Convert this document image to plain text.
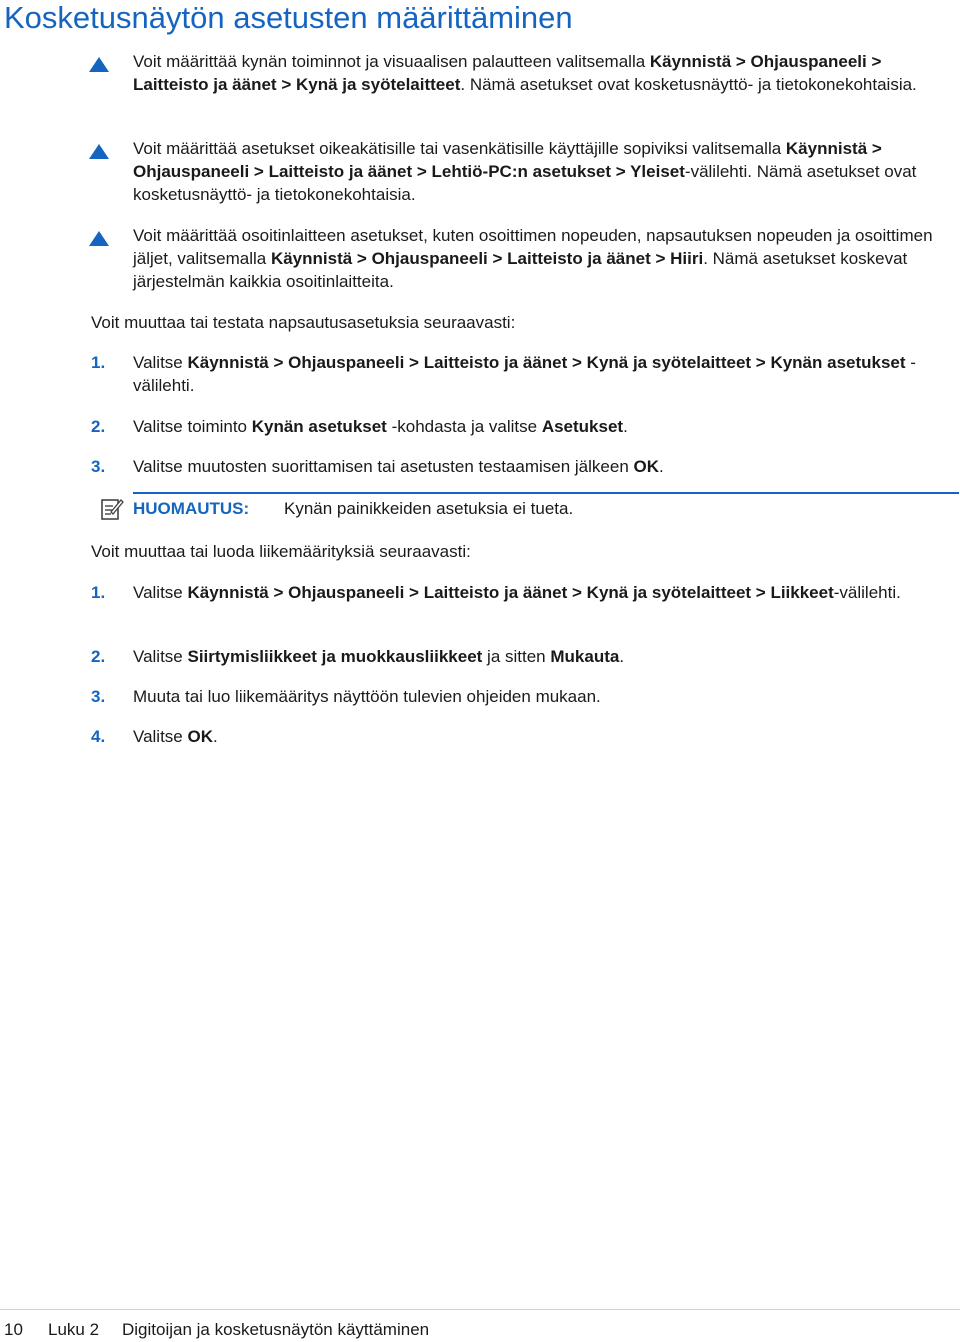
Kosketusnäytön asetusten määrittäminen
Voit määrittää kynän toiminnot ja visuaalisen palautteen valitsemalla Käynnistä > Ohjauspaneeli > Laitteisto ja äänet > Kynä ja syötelaitteet. Nämä asetukset ovat kosketusnäyttö- ja tietokonekohtaisia.
Voit määrittää asetukset oikeakätisille tai vasenkätisille käyttäjille sopiviksi valitsemalla Käynnistä > Ohjauspaneeli > Laitteisto ja äänet > Lehtiö-PC:n asetukset > Yleiset-välilehti. Nämä asetukset ovat kosketusnäyttö- ja tietokonekohtaisia.
Voit määrittää osoitinlaitteen asetukset, kuten osoittimen nopeuden, napsautuksen nopeuden ja osoittimen jäljet, valitsemalla Käynnistä > Ohjauspaneeli > Laitteisto ja äänet > Hiiri. Nämä asetukset koskevat järjestelmän kaikkia osoitinlaitteita.
Voit muuttaa tai testata napsautusasetuksia seuraavasti:
1. Valitse Käynnistä > Ohjauspaneeli > Laitteisto ja äänet > Kynä ja syötelaitteet > Kynän asetukset -välilehti.
2. Valitse toiminto Kynän asetukset -kohdasta ja valitse Asetukset.
3. Valitse muutosten suorittamisen tai asetusten testaamisen jälkeen OK.
HUOMAUTUS: Kynän painikkeiden asetuksia ei tueta.
Voit muuttaa tai luoda liikemäärityksiä seuraavasti:
1. Valitse Käynnistä > Ohjauspaneeli > Laitteisto ja äänet > Kynä ja syötelaitteet > Liikkeet-välilehti.
2. Valitse Siirtymisliikkeet ja muokkausliikkeet ja sitten Mukauta.
3. Muuta tai luo liikemääritys näyttöön tulevien ohjeiden mukaan.
4. Valitse OK.
10 Luku 2 Digitoijan ja kosketusnäytön käyttäminen
